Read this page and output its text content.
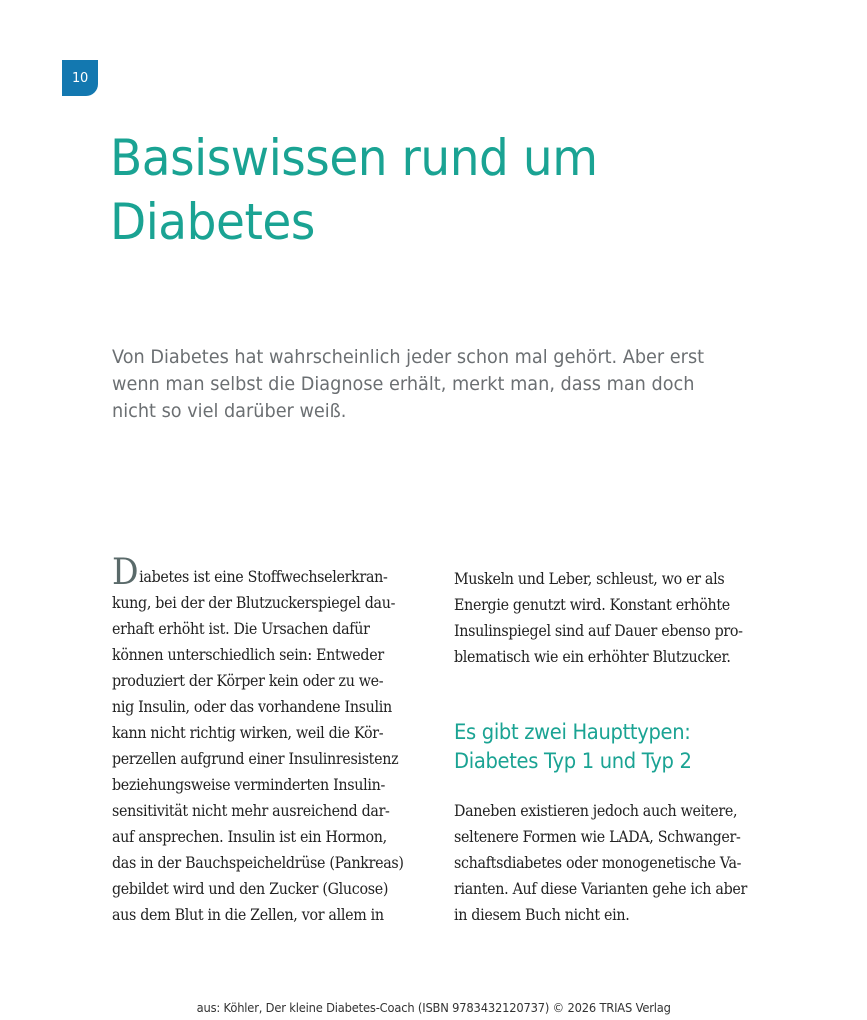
10
Basiswissen rund um
Diabetes

Von Diabetes hat wahrscheinlich jeder schon mal gehört. Aber erst
wenn man selbst die Diagnose erhält, merkt man, dass man doch
nicht so viel darüber weiß.

Diabetes ist eine Stoffwechselerkran-
kung, bei der der Blutzuckerspiegel dau-
erhaft erhöht ist. Die Ursachen dafür
können unterschiedlich sein: Entweder
produziert der Körper kein oder zu we-
nig Insulin, oder das vorhandene Insulin
kann nicht richtig wirken, weil die Kör-
perzellen aufgrund einer Insulinresistenz
beziehungsweise verminderten Insulin-
sensitivität nicht mehr ausreichend dar-
auf ansprechen. Insulin ist ein Hormon,
das in der Bauchspeicheldrüse (Pankreas)
gebildet wird und den Zucker (Glucose)
aus dem Blut in die Zellen, vor allem in

Muskeln und Leber, schleust, wo er als
Energie genutzt wird. Konstant erhöhte
Insulinspiegel sind auf Dauer ebenso pro-
blematisch wie ein erhöhter Blutzucker.

Es gibt zwei Haupttypen:
Diabetes Typ 1 und Typ 2

Daneben existieren jedoch auch weitere,
seltenere Formen wie LADA, Schwanger-
schaftsdiabetes oder monogenetische Va-
rianten. Auf diese Varianten gehe ich aber
in diesem Buch nicht ein.

aus: Köhler, Der kleine Diabetes-Coach (ISBN 9783432120737) © 2026 TRIAS Verlag
